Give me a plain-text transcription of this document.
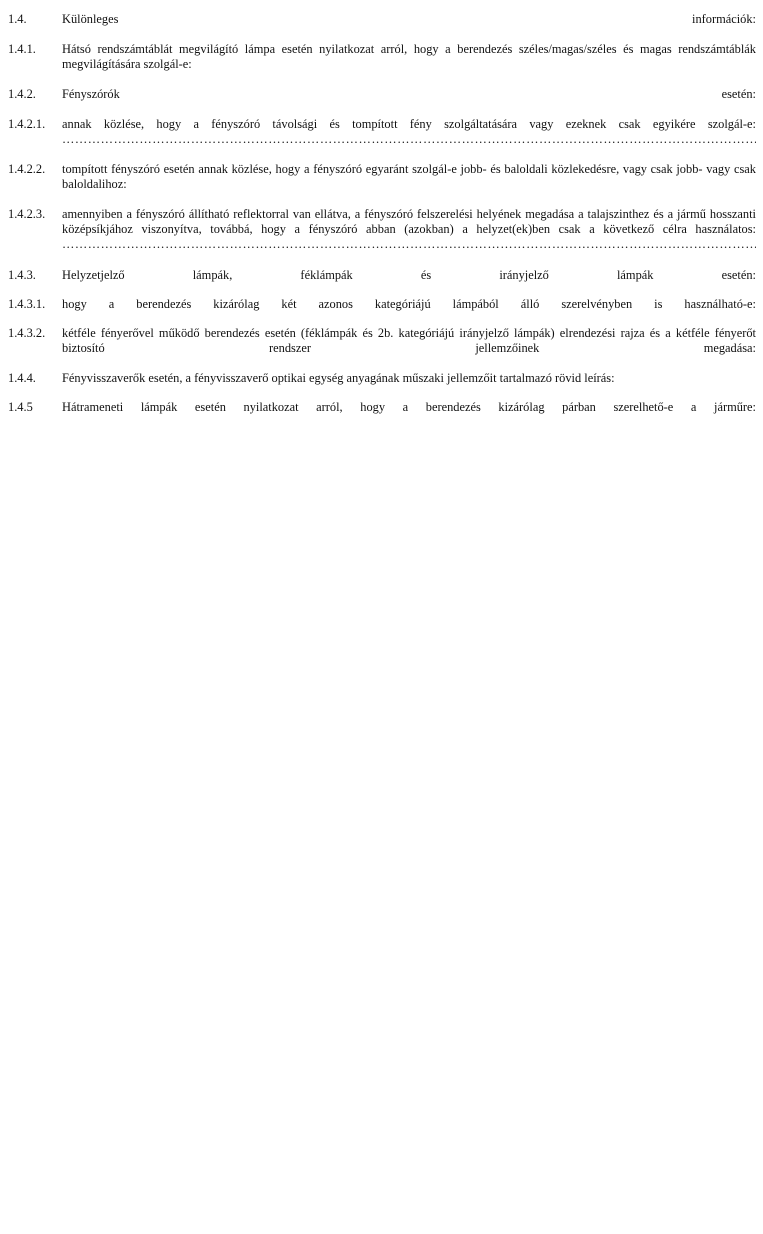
1.4.	Különleges információk:
1.4.1.	Hátsó rendszámtáblát megvilágító lámpa esetén nyilatkozat arról, hogy a berendezés széles/magas/széles és magas rendszámtáblák megvilágítására szolgál-e:
1.4.2.	Fényszórók esetén:
1.4.2.1.	annak közlése, hogy a fényszóró távolsági és tompított fény szolgáltatására vagy ezeknek csak egyikére szolgál-e: ……………………………………………………………………………………………………………………………………………………………………………………………………………………………………………………………………………………………………………………………
1.4.2.2.	tompított fényszóró esetén annak közlése, hogy a fényszóró egyaránt szolgál-e jobb- és baloldali közlekedésre, vagy csak jobb- vagy csak baloldalihoz:
1.4.2.3.	amennyiben a fényszóró állítható reflektorral van ellátva, a fényszóró felszerelési helyének megadása a talajszinthez és a jármű hosszanti középsíkjához viszonyítva, továbbá, hogy a fényszóró abban (azokban) a helyzet(ek)ben csak a következő célra használatos: ……………………………………………………………………………………………………………………………………………………………………………………………………………………………………………………………………………………………………………………………
1.4.3.	Helyzetjelző lámpák, féklámpák és irányjelző lámpák esetén:
1.4.3.1.	hogy a berendezés kizárólag két azonos kategóriájú lámpából álló szerelvényben is használható-e:
1.4.3.2.	kétféle fényerővel működő berendezés esetén (féklámpák és 2b. kategóriájú irányjelző lámpák) elrendezési rajza és a kétféle fényerőt biztosító rendszer jellemzőinek megadása:
1.4.4.	Fényvisszaverők esetén, a fényvisszaverő optikai egység anyagának műszaki jellemzőit tartalmazó rövid leírás:
1.4.5	Hátrameneti lámpák esetén nyilatkozat arról, hogy a berendezés kizárólag párban szerelhető-e a járműre:
